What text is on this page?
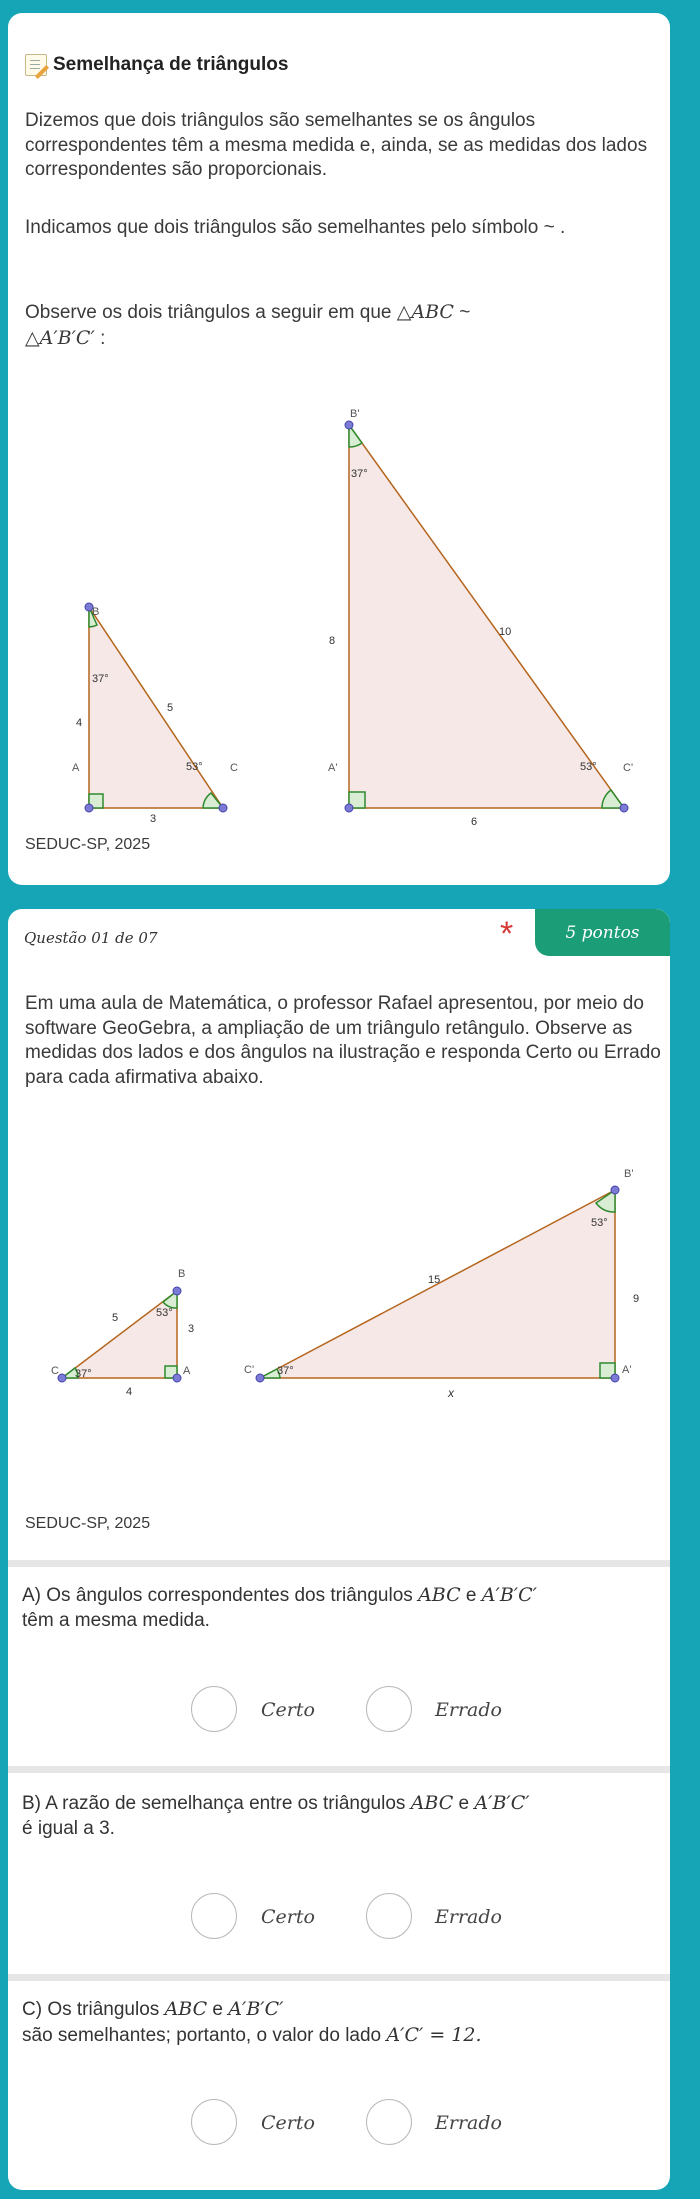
Semelhança de triângulos
Dizemos que dois triângulos são semelhantes se os ângulos correspondentes têm a mesma medida e, ainda, se as medidas dos lados correspondentes são proporcionais.
Indicamos que dois triângulos são semelhantes pelo símbolo ~ .
Observe os dois triângulos a seguir em que △ABC ~
△A′B′C′ :
B
A	C
37°
53°
4
5
3
B'
A'	C'
37°
53°
8
10
6
SEDUC-SP, 2025
Questão 01 de 07	*	5 pontos
Em uma aula de Matemática, o professor Rafael apresentou, por meio do software GeoGebra, a ampliação de um triângulo retângulo. Observe as medidas dos lados e dos ângulos na ilustração e responda Certo ou Errado para cada afirmativa abaixo.
B
A
C
53°
37°
5
3
4
B'
A'
C'
53°
37°
15
9
x
SEDUC-SP, 2025
A) Os ângulos correspondentes dos triângulos ABC e A′B′C′
têm a mesma medida.
Certo	Errado
B) A razão de semelhança entre os triângulos ABC e A′B′C′
é igual a 3.
Certo	Errado
C) Os triângulos ABC e A′B′C′
são semelhantes; portanto, o valor do lado A′C′ = 12.
Certo	Errado
